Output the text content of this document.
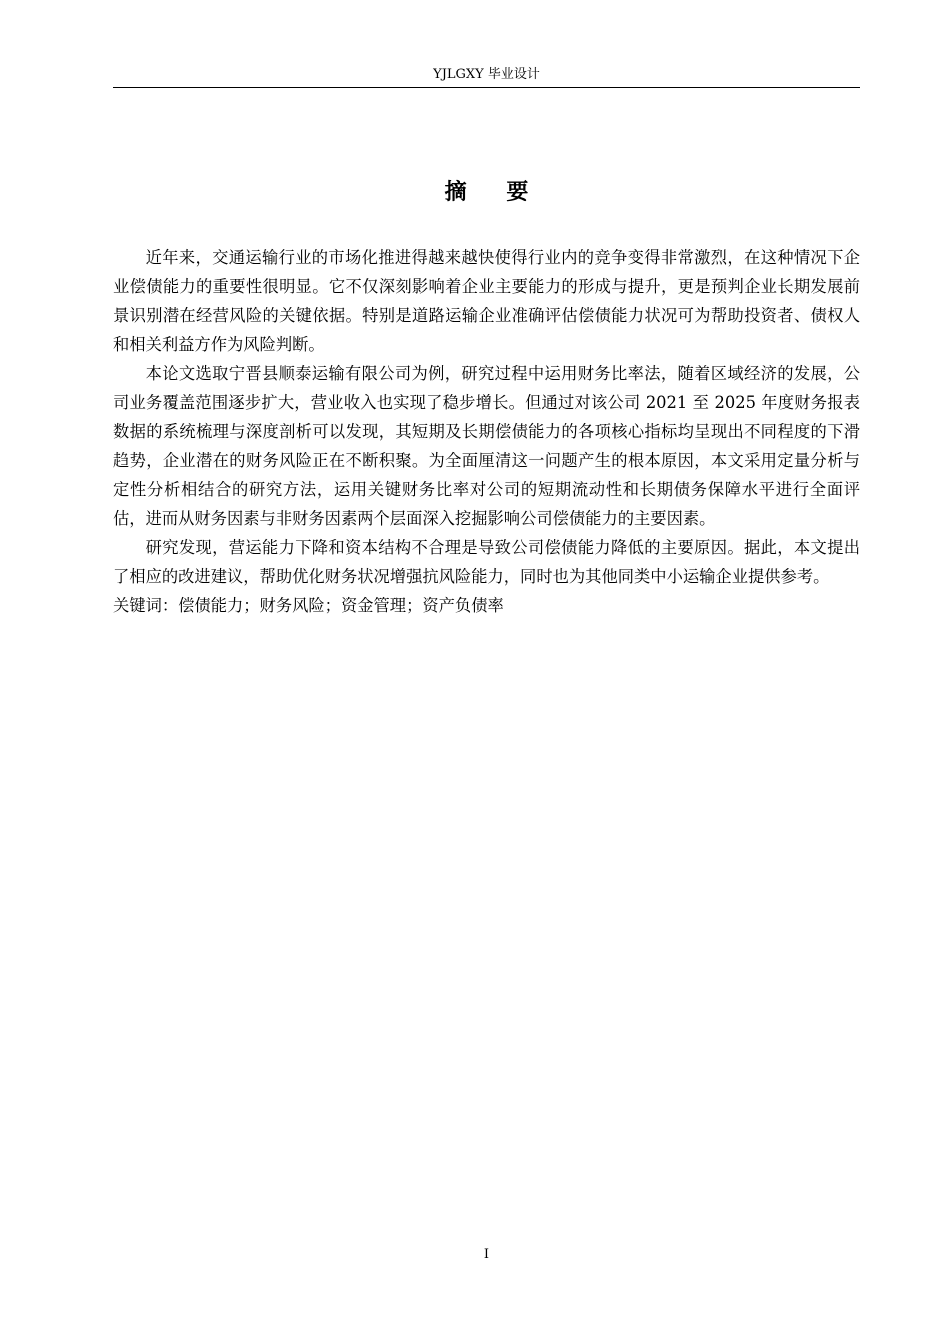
YJLGXY 毕业设计
摘 要

近年来，交通运输行业的市场化推进得越来越快使得行业内的竞争变得非常激烈，在这种情况下企业偿债能力的重要性很明显。它不仅深刻影响着企业主要能力的形成与提升，更是预判企业长期发展前景识别潜在经营风险的关键依据。特别是道路运输企业准确评估偿债能力状况可为帮助投资者、债权人和相关利益方作为风险判断。

本论文选取宁晋县顺泰运输有限公司为例，研究过程中运用财务比率法，随着区域经济的发展，公司业务覆盖范围逐步扩大，营业收入也实现了稳步增长。但通过对该公司 2021 至 2025 年度财务报表数据的系统梳理与深度剖析可以发现，其短期及长期偿债能力的各项核心指标均呈现出不同程度的下滑趋势，企业潜在的财务风险正在不断积聚。为全面厘清这一问题产生的根本原因，本文采用定量分析与定性分析相结合的研究方法，运用关键财务比率对公司的短期流动性和长期债务保障水平进行全面评估，进而从财务因素与非财务因素两个层面深入挖掘影响公司偿债能力的主要因素。

研究发现，营运能力下降和资本结构不合理是导致公司偿债能力降低的主要原因。据此，本文提出了相应的改进建议，帮助优化财务状况增强抗风险能力，同时也为其他同类中小运输企业提供参考。

关键词：偿债能力；财务风险；资金管理；资产负债率

I
